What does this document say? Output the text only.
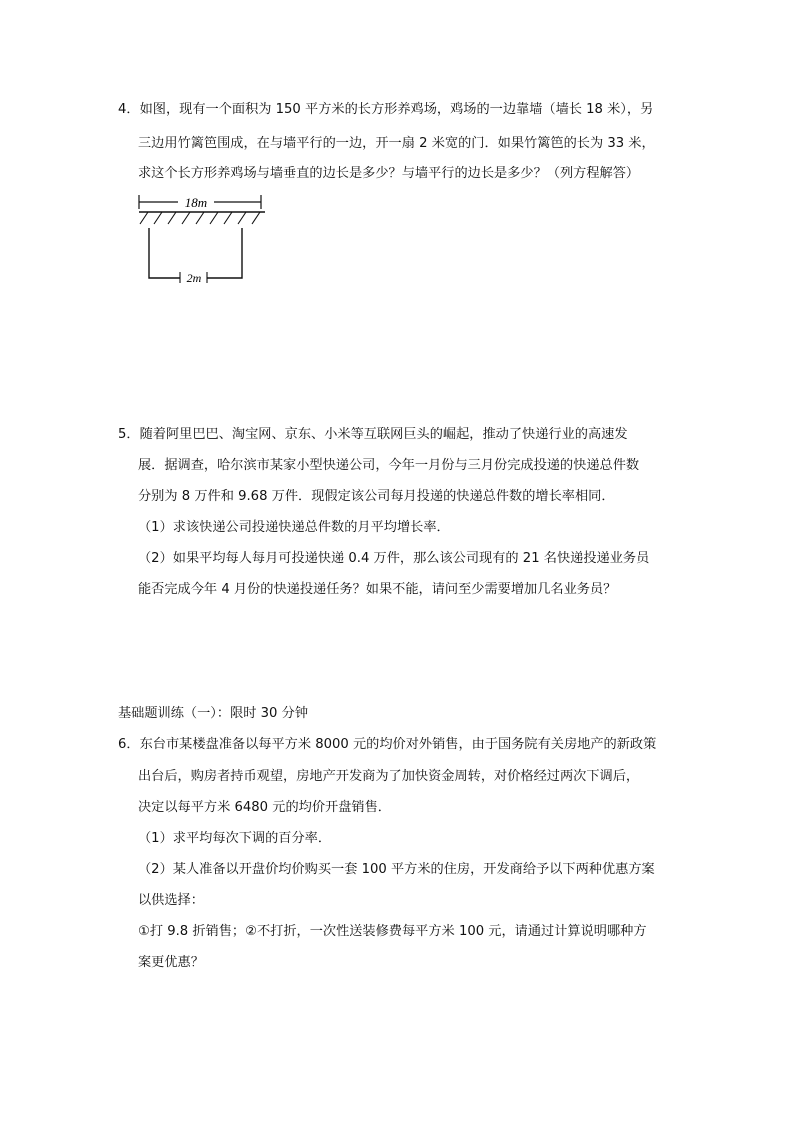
4．如图，现有一个面积为 150 平方米的长方形养鸡场，鸡场的一边靠墙（墙长 18 米），另
三边用竹篱笆围成，在与墙平行的一边，开一扇 2 米宽的门．如果竹篱笆的长为 33 米，
求这个长方形养鸡场与墙垂直的边长是多少？与墙平行的边长是多少？（列方程解答）
18m
2m
5．随着阿里巴巴、淘宝网、京东、小米等互联网巨头的崛起，推动了快递行业的高速发
展．据调查，哈尔滨市某家小型快递公司，今年一月份与三月份完成投递的快递总件数
分别为 8 万件和 9.68 万件．现假定该公司每月投递的快递总件数的增长率相同．
（1）求该快递公司投递快递总件数的月平均增长率．
（2）如果平均每人每月可投递快递 0.4 万件，那么该公司现有的 21 名快递投递业务员
能否完成今年 4 月份的快递投递任务？如果不能，请问至少需要增加几名业务员？
基础题训练（一）：限时 30 分钟
6．东台市某楼盘准备以每平方米 8000 元的均价对外销售，由于国务院有关房地产的新政策
出台后，购房者持币观望，房地产开发商为了加快资金周转，对价格经过两次下调后，
决定以每平方米 6480 元的均价开盘销售．
（1）求平均每次下调的百分率．
（2）某人准备以开盘价均价购买一套 100 平方米的住房，开发商给予以下两种优惠方案
以供选择：
①打 9.8 折销售；②不打折，一次性送装修费每平方米 100 元，请通过计算说明哪种方
案更优惠？
